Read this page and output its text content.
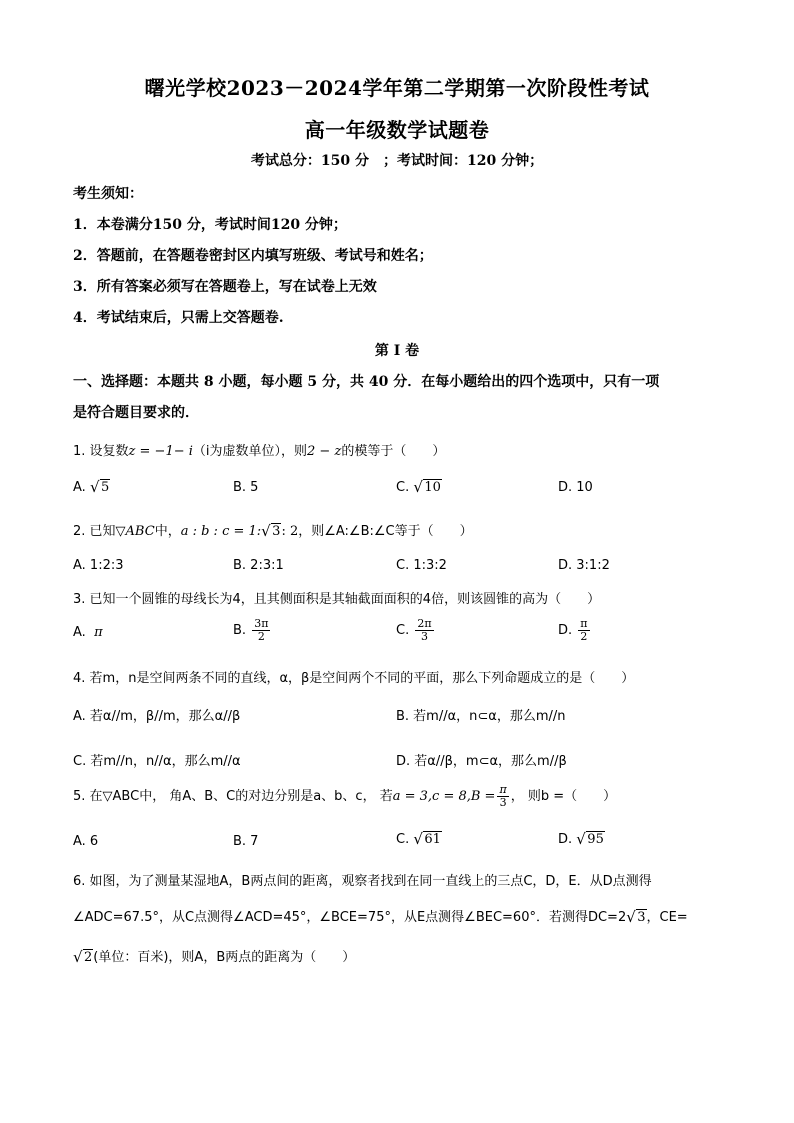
曙光学校2023－2024学年第二学期第一次阶段性考试
高一年级数学试题卷
考试总分：150 分　；考试时间：120 分钟；
考生须知：
1．本卷满分150 分，考试时间120 分钟；
2．答题前，在答题卷密封区内填写班级、考试号和姓名；
3．所有答案必须写在答题卷上，写在试卷上无效
4．考试结束后，只需上交答题卷.
第 I 卷
一、选择题：本题共 8 小题，每小题 5 分，共 40 分．在每小题给出的四个选项中，只有一项
是符合题目要求的．
1. 设复数z = −1− i（i为虚数单位），则2 − z的模等于（　　）
A. √ 5	B. 5	C. √ 10	D. 10
2. 已知▽ABC中，a : b : c = 1: √ 3: 2，则∠A:∠B:∠C等于（　　）
A. 1:2:3	B. 2:3:1	C. 1:3:2	D. 3:1:2
3. 已知一个圆锥的母线长为4，且其侧面积是其轴截面面积的4倍，则该圆锥的高为（　　）
A. π	B. $\frac{3\pi}{2}$	C. $\frac{2\pi}{3}$	D. $\frac{\pi}{2}$
4. 若m，n是空间两条不同的直线，α，β是空间两个不同的平面，那么下列命题成立的是（　　）
A. 若α//m，β//m，那么α//β	B. 若m//α，n⊂α，那么m//n
C. 若m//n，n//α，那么m//α	D. 若α//β，m⊂α，那么m//β
5. 在▽ABC中， 角A、B、C的对边分别是a、b、c， 若$a = 3,c = 8,B = \frac{\pi}{3}$ ， 则b =（　　）
A. 6	B. 7	C. √ 61	D. √ 95
6. 如图，为了测量某湿地A，B两点间的距离，观察者找到在同一直线上的三点C，D，E．从D点测得
∠ADC=67.5°，从C点测得∠ACD=45°，∠BCE=75°，从E点测得∠BEC=60°．若测得DC=2 √ 3，CE=
√ 2(单位：百米)，则A，B两点的距离为（　　）
